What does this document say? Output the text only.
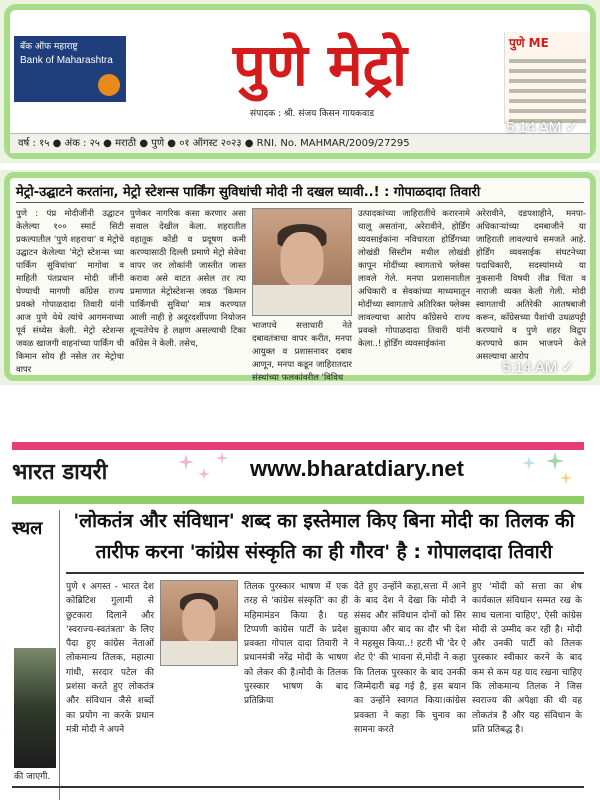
बँक ऑफ महाराष्ट्र
Bank of Maharashtra	पुणे मेट्रो
संपादक : श्री. संजय किसन गायकवाड
पुणे ME
वर्ष : १५ ● अंक : २५ ● मराठी ● पुणे ● ०१ ऑगस्ट २०२३ ● RNI. No. MAHMAR/2009/27295
5:14 AM ✓
मेट्रो-उद्घाटने करतांना, मेट्रो स्टेशन्स पार्किंग सुविधांची मोदी नी दखल घ्यावी..! : गोपाळदादा तिवारी
पुणे : पंप्र मोदीजींनी उद्घाटन केलेल्या १०० स्मार्ट सिटी प्रकल्पातील 'पुणे शहराचा' व मेट्रोचे उद्घाटन केलेल्या 'मेट्रो स्टेशन्स च्या पार्किंग सुविधांचा' मागोवा व माहिती पंतप्रधान मोदी जींनी घेण्याची मागणी काँग्रेस राज्य प्रवक्ते गोपाळदादा तिवारी यांनी आज पुणे येथे त्यांचे आगमनाच्या पूर्व संध्येस केली. मेट्रो स्टेशन्स जवळ खाजगी वाहनांच्या पार्किंग ची किमान सोय ही नसेल तर मेट्रोचा वापर
पुणेकर नागरिक कसा करणार असा सवाल देखील केला. शहरातील वहातूक कोंडी व प्रदूषण कमी करण्यासाठी दिल्ली प्रमाणे मेट्रो सेवेचा वापर जर लोकांनी जास्तीत जास्त करावा असे वाटत असेल तर त्या प्रमाणात मेट्रोस्टेशन्स जवळ 'किमान पार्किंगची सुविधा' मात्र करण्यात आली नाही हे अदूरदर्शीपणा नियोजन शून्यतेचेच हे लक्षण असल्याची टिका काँग्रेस ने केली. तसेच,
भाजपचे सत्ताधारी नेते दबावतंत्राचा वापर करीत, मनपा आयुक्त व प्रशासनावर दबाव आणून, मनपा कडून जाहिरातदार संस्थांच्या फलकांवरील 'विविध
उत्पादकांच्या जाहिरातींचे करारनामे चालू असतांना, अरेरावीने, होर्डिंग व्यवसाईकांना नविचारता होर्डिंगच्या लोखंडी सिस्टीम मधील लोखंडी कापून मोदींच्या स्वागताचे फ्लेक्स लावले गेले. मनपा प्रशासनातील अधिकारी व सेवकांच्या माध्यमातून मोदींच्या स्वागताचे अतिरिक्त फ्लेक्स लावल्याचा आरोप काँग्रेसचे राज्य प्रवक्ते गोपाळदादा तिवारी यांनी केला..! होर्डिंग व्यवसाईकांना
अरेरावीने, दडपशाहीने, मनपा-अधिकाऱ्यांच्या दमबाजीने या जाहिराती लावल्याचे समजते आहे. होर्डिंग व्यवसाईक संघटनेच्या पदाधिकारी, सदस्यांमध्ये या नुकसानी विषयी तीव्र चिंता व नाराजी व्यक्त केली गेली. मोदी स्वागताची अतिरेकी आतषबाजी करून, काँग्रेसच्या पैशांची उधळपट्टी करण्याचे व पुणे शहर विद्रुप करण्याचे काम भाजपने केले असल्याचा आरोप
5:14 AM ✓
भारत डायरी	www.bharatdiary.net
स्थल
कारण से
की जाएगी.
'लोकतंत्र और संविधान' शब्द का इस्तेमाल किए बिना मोदी का तिलक की तारीफ करना 'कांग्रेस संस्कृति का ही गौरव' है : गोपालदादा तिवारी
पुणे १ अगस्त - भारत देश कोब्रिटिश गुलामी से छुटकारा दिलाने और 'स्वराज्य-स्वतंत्रता' के लिए पैदा हुए कांग्रेस नेताओं लोकमान्य तिलक, महात्मा गांधी, सरदार पटेल की प्रशंसा करते हुए लोकतंत्र और संविधान जैसे शब्दों का प्रयोग ना करके प्रधान मंत्री मोदी ने अपने
तिलक पुरस्कार भाषण में एक तरह से 'कांग्रेस संस्कृति' का ही महिमामंडन किया है। यह टिप्पणी कांग्रेस पार्टी के प्रदेश प्रवक्ता गोपाल दादा तिवारी ने प्रधानमंत्री नरेंद्र मोदी के भाषण को लेकर की है।मोदी के तिलक पुरस्कार भाषण के बाद प्रतिक्रिया
देते हुए उन्होंने कहा,सत्ता में आने के बाद देश ने देखा कि मोदी ने संसद और संविधान दोनों को सिर झुकाया और बाद का दौर भी देश ने महसूस किया..! हटरी भी 'देर ऐ शेट ऐ' की भावना से,मोदी ने कहा कि तिलक पुरस्कार के बाद उनकी जिम्मेदारी बढ़ गई है, इस बयान का उन्होंने स्वागत किया।कांग्रेस प्रवक्ता ने कहा कि चुनाव का सामना करते
हुए 'मोदी को सत्ता का शेष कार्यकाल संविधान सम्मत रख के साथ चलाना चाहिए', ऐसी कांग्रेस मोदी से उम्मीद कर रही है। मोदी और उनकी पार्टी को तिलक पुरस्कार स्वीकार करने के बाद कम से कम यह याद रखना चाहिए कि लोकमान्य तिलक ने जिस स्वराज्य की अपेक्षा की थी वह लोकतंत्र है और यह संविधान के प्रति प्रतिबद्ध है।
